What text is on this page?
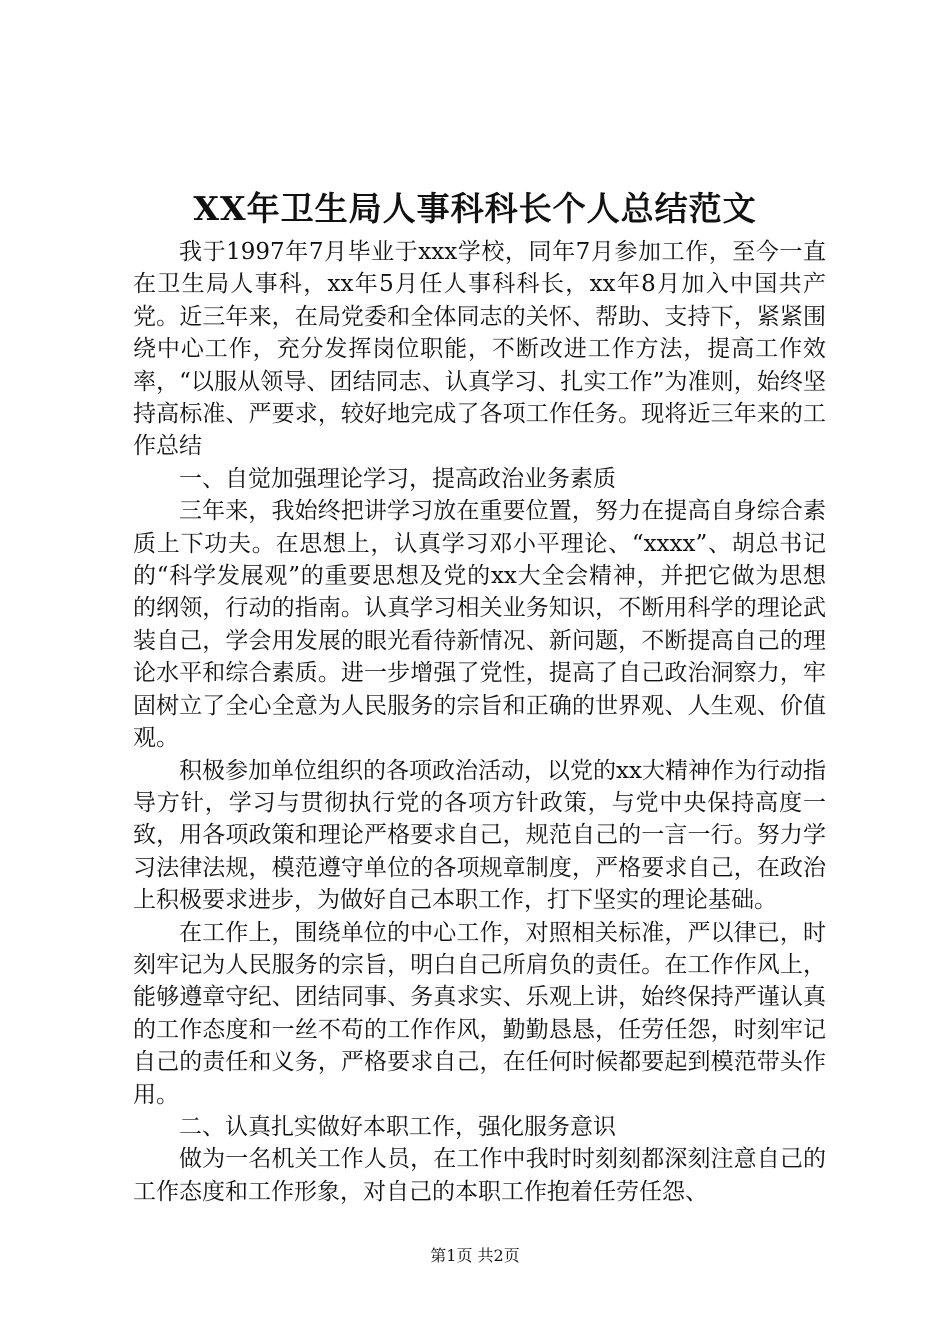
XX年卫生局人事科科长个人总结范文

我于1997年7月毕业于xxx学校，同年7月参加工作，至今一直在卫生局人事科，xx年5月任人事科科长，xx年8月加入中国共产党。近三年来，在局党委和全体同志的关怀、帮助、支持下，紧紧围绕中心工作，充分发挥岗位职能，不断改进工作方法，提高工作效率，“以服从领导、团结同志、认真学习、扎实工作”为准则，始终坚持高标准、严要求，较好地完成了各项工作任务。现将近三年来的工作总结

一、自觉加强理论学习，提高政治业务素质

三年来，我始终把讲学习放在重要位置，努力在提高自身综合素质上下功夫。在思想上，认真学习邓小平理论、“xxxx”、胡总书记的“科学发展观”的重要思想及党的xx大全会精神，并把它做为思想的纲领，行动的指南。认真学习相关业务知识，不断用科学的理论武装自己，学会用发展的眼光看待新情况、新问题，不断提高自己的理论水平和综合素质。进一步增强了党性，提高了自己政治洞察力，牢固树立了全心全意为人民服务的宗旨和正确的世界观、人生观、价值观。

积极参加单位组织的各项政治活动，以党的xx大精神作为行动指导方针，学习与贯彻执行党的各项方针政策，与党中央保持高度一致，用各项政策和理论严格要求自己，规范自己的一言一行。努力学习法律法规，模范遵守单位的各项规章制度，严格要求自己，在政治上积极要求进步，为做好自己本职工作，打下坚实的理论基础。

在工作上，围绕单位的中心工作，对照相关标准，严以律已，时刻牢记为人民服务的宗旨，明白自己所肩负的责任。在工作作风上，能够遵章守纪、团结同事、务真求实、乐观上讲，始终保持严谨认真的工作态度和一丝不苟的工作作风，勤勤恳恳，任劳任怨，时刻牢记自己的责任和义务，严格要求自己，在任何时候都要起到模范带头作用。

二、认真扎实做好本职工作，强化服务意识

做为一名机关工作人员，在工作中我时时刻刻都深刻注意自己的工作态度和工作形象，对自己的本职工作抱着任劳任怨、

第1页 共2页
